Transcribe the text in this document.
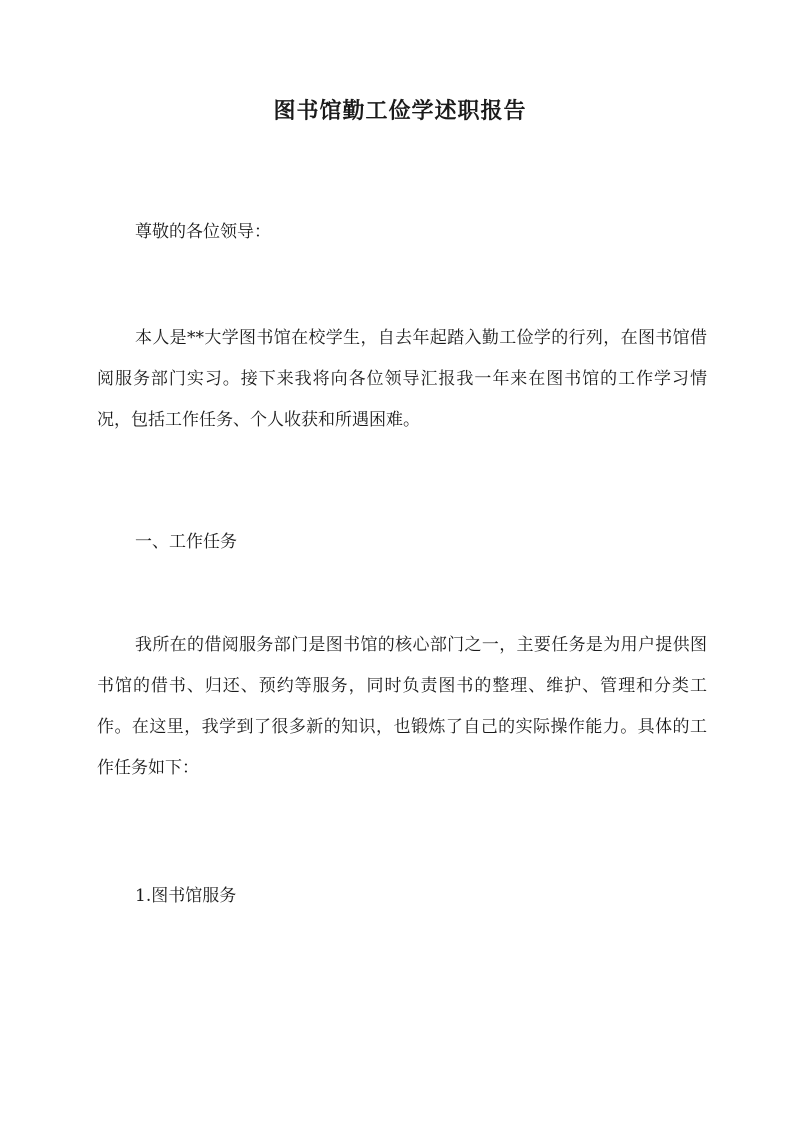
图书馆勤工俭学述职报告

尊敬的各位领导：

本人是**大学图书馆在校学生，自去年起踏入勤工俭学的行列，在图书馆借阅服务部门实习。接下来我将向各位领导汇报我一年来在图书馆的工作学习情况，包括工作任务、个人收获和所遇困难。

一、工作任务

我所在的借阅服务部门是图书馆的核心部门之一，主要任务是为用户提供图书馆的借书、归还、预约等服务，同时负责图书的整理、维护、管理和分类工作。在这里，我学到了很多新的知识，也锻炼了自己的实际操作能力。具体的工作任务如下：

1.图书馆服务
